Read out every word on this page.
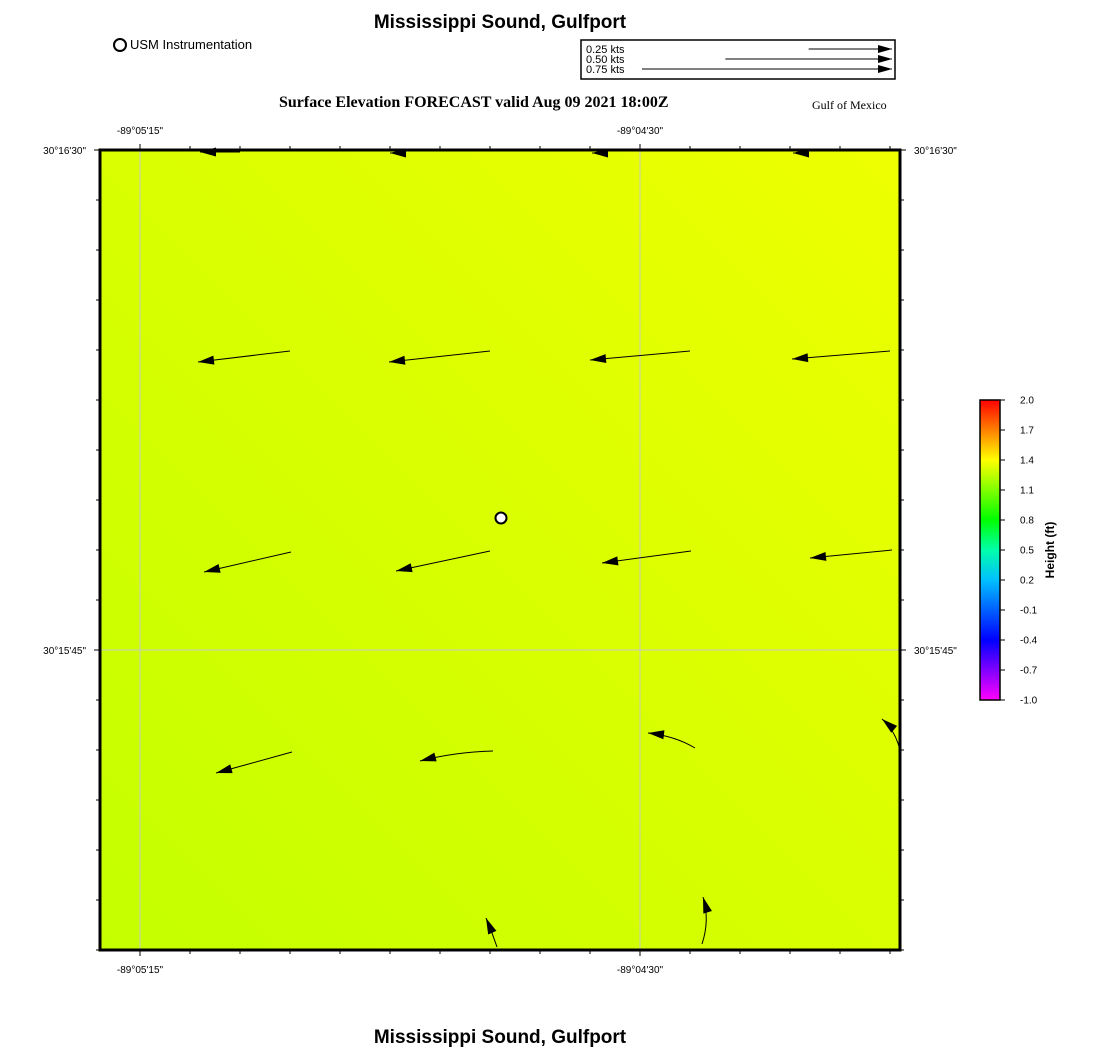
Mississippi Sound, Gulfport
USM Instrumentation	0.25 kts
0.50 kts
0.75 kts
Surface Elevation FORECAST valid Aug 09 2021 18:00Z	Gulf of Mexico
-89°05'15"	-89°04'30"
-89°05'15"	-89°04'30"
30°16'30"
30°15'45"
30°16'30"
30°15'45"
2.0
1.7
1.4
1.1
0.8
0.5
0.2
-0.1
-0.4
-0.7
-1.0
Height (ft)
Mississippi Sound, Gulfport
